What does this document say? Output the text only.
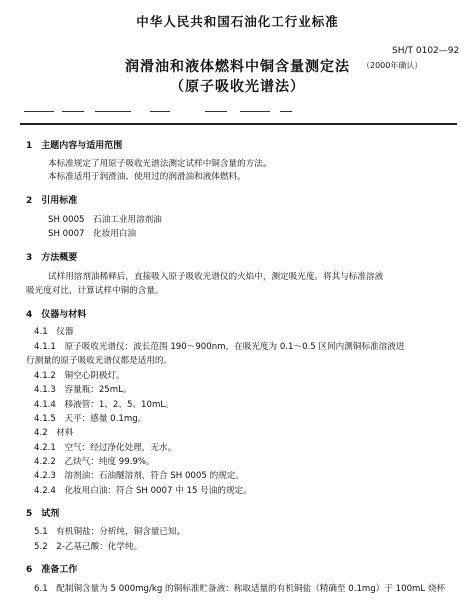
中华人民共和国石油化工行业标准
SH/T 0102—92
（2000年确认）
润滑油和液体燃料中铜含量测定法
（原子吸收光谱法）
1　主题内容与适用范围
本标准规定了用原子吸收光谱法测定试样中铜含量的方法。
本标准适用于润滑油、使用过的润滑油和液体燃料。
2　引用标准
SH 0005　石油工业用溶剂油
SH 0007　化妆用白油
3　方法概要
试样用溶剂油稀释后，直接吸入原子吸收光谱仪的火焰中，测定吸光度。将其与标准溶液
吸光度对比，计算试样中铜的含量。
4　仪器与材料
4.1　仪器
4.1.1　原子吸收光谱仪：波长范围 190～900nm，在吸光度为 0.1～0.5 区间内测铜标准溶液进
行测量的原子吸收光谱仪都是适用的。
4.1.2　铜空心阴极灯。
4.1.3　容量瓶：25mL。
4.1.4　移液管：1、2、5、10mL。
4.1.5　天平：感量 0.1mg。
4.2　材料
4.2.1　空气：经过净化处理，无水。
4.2.2　乙炔气：纯度 99.9%。
4.2.3　溶剂油：石油醚溶剂，符合 SH 0005 的规定。
4.2.4　化妆用白油：符合 SH 0007 中 15 号油的规定。
5　试剂
5.1　有机铜盐：分析纯，铜含量已知。
5.2　2-乙基己酸：化学纯。
6　准备工作
6.1　配制铜含量为 5 000mg/kg 的铜标准贮备液：称取适量的有机铜盐（精确至 0.1mg）于 100mL 烧杯
